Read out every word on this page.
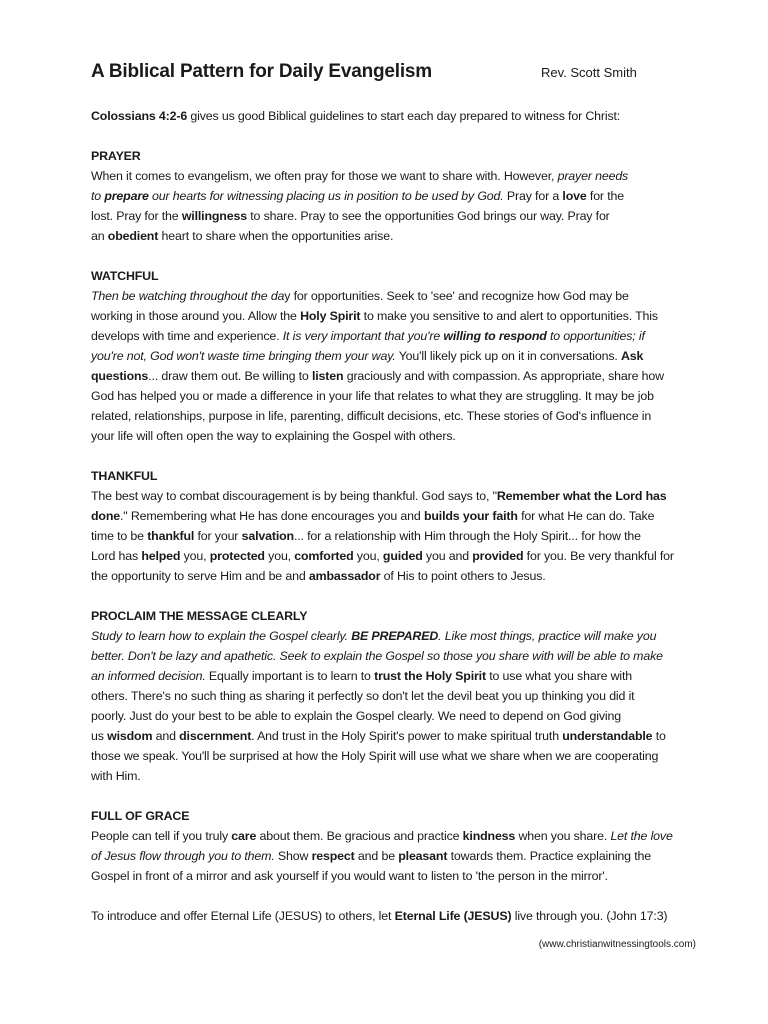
A Biblical Pattern for Daily Evangelism	Rev. Scott Smith
Colossians 4:2-6 gives us good Biblical guidelines to start each day prepared to witness for Christ:
PRAYER
When it comes to evangelism, we often pray for those we want to share with. However, prayer needs
to prepare our hearts for witnessing placing us in position to be used by God. Pray for a love for the
lost. Pray for the willingness to share. Pray to see the opportunities God brings our way. Pray for
an obedient heart to share when the opportunities arise.
WATCHFUL
Then be watching throughout the day for opportunities. Seek to 'see' and recognize how God may be
working in those around you. Allow the Holy Spirit to make you sensitive to and alert to opportunities. This
develops with time and experience. It is very important that you're willing to respond to opportunities; if
you're not, God won't waste time bringing them your way. You'll likely pick up on it in conversations. Ask
questions... draw them out. Be willing to listen graciously and with compassion. As appropriate, share how
God has helped you or made a difference in your life that relates to what they are struggling. It may be job
related, relationships, purpose in life, parenting, difficult decisions, etc. These stories of God's influence in
your life will often open the way to explaining the Gospel with others.
THANKFUL
The best way to combat discouragement is by being thankful. God says to, "Remember what the Lord has
done." Remembering what He has done encourages you and builds your faith for what He can do. Take
time to be thankful for your salvation... for a relationship with Him through the Holy Spirit... for how the
Lord has helped you, protected you, comforted you, guided you and provided for you. Be very thankful for
the opportunity to serve Him and be and ambassador of His to point others to Jesus.
PROCLAIM THE MESSAGE CLEARLY
Study to learn how to explain the Gospel clearly. BE PREPARED. Like most things, practice will make you
better. Don't be lazy and apathetic. Seek to explain the Gospel so those you share with will be able to make
an informed decision. Equally important is to learn to trust the Holy Spirit to use what you share with
others. There's no such thing as sharing it perfectly so don't let the devil beat you up thinking you did it
poorly. Just do your best to be able to explain the Gospel clearly. We need to depend on God giving
us wisdom and discernment. And trust in the Holy Spirit's power to make spiritual truth understandable to
those we speak. You'll be surprised at how the Holy Spirit will use what we share when we are cooperating
with Him.
FULL OF GRACE
People can tell if you truly care about them. Be gracious and practice kindness when you share. Let the love
of Jesus flow through you to them. Show respect and be pleasant towards them. Practice explaining the
Gospel in front of a mirror and ask yourself if you would want to listen to 'the person in the mirror'.
To introduce and offer Eternal Life (JESUS) to others, let Eternal Life (JESUS) live through you. (John 17:3)
(www.christianwitnessingtools.com)
